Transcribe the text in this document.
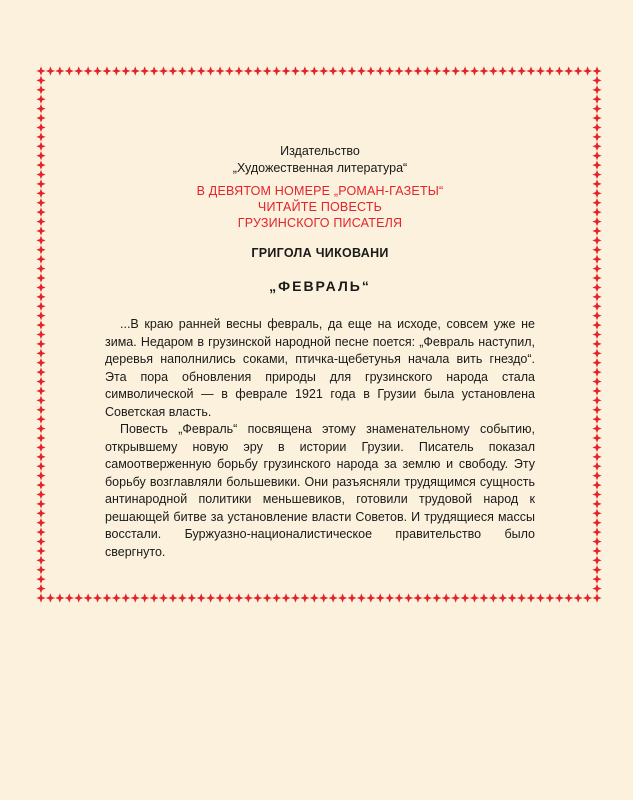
Издательство

„Художественная литература“

В ДЕВЯТОМ НОМЕРЕ „РОМАН-ГАЗЕТЫ“

ЧИТАЙТЕ ПОВЕСТЬ

ГРУЗИНСКОГО ПИСАТЕЛЯ

ГРИГОЛА ЧИКОВАНИ

„ФЕВРАЛЬ“

...В краю ранней весны февраль, да еще на исходе, совсем уже не зима. Недаром в грузинской народной песне поется: „Февраль наступил, деревья наполнились соками, птичка-щебетунья начала вить гнездо“. Эта пора обновления природы для грузинского народа стала символической — в феврале 1921 года в Грузии была установлена Советская власть.

Повесть „Февраль“ посвящена этому знаменательному событию, открывшему новую эру в истории Грузии. Писатель показал самоотверженную борьбу грузинского народа за землю и свободу. Эту борьбу возглавляли большевики. Они разъясняли трудящимся сущность антинародной политики меньшевиков, готовили трудовой народ к решающей битве за установление власти Советов. И трудящиеся массы восстали. Буржуазно-националистическое правительство было свергнуто.
